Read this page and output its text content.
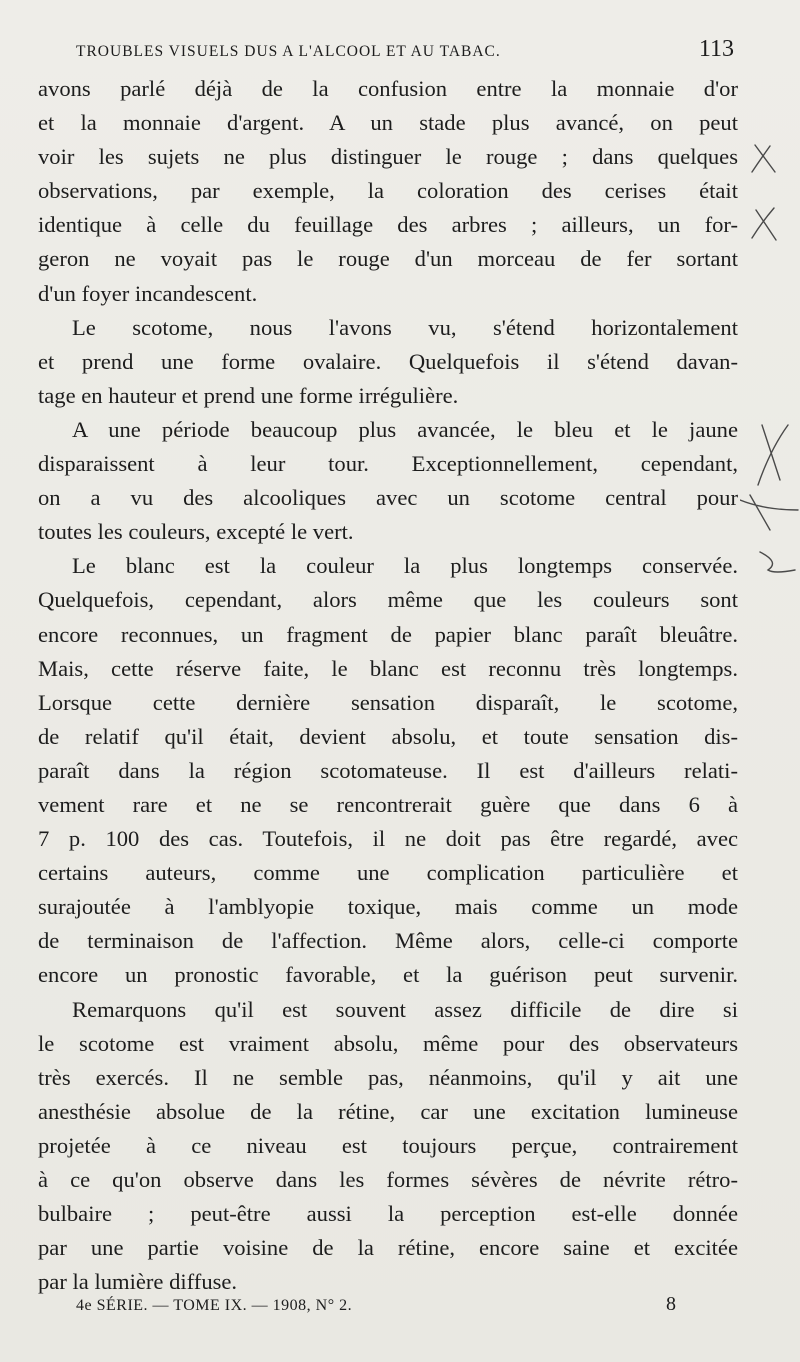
TROUBLES VISUELS DUS A L'ALCOOL ET AU TABAC.	113
avons parlé déjà de la confusion entre la monnaie d'or
et la monnaie d'argent. A un stade plus avancé, on peut
voir les sujets ne plus distinguer le rouge ; dans quelques
observations, par exemple, la coloration des cerises était
identique à celle du feuillage des arbres ; ailleurs, un for-
geron ne voyait pas le rouge d'un morceau de fer sortant
d'un foyer incandescent.
Le scotome, nous l'avons vu, s'étend horizontalement
et prend une forme ovalaire. Quelquefois il s'étend davan-
tage en hauteur et prend une forme irrégulière.
A une période beaucoup plus avancée, le bleu et le jaune
disparaissent à leur tour. Exceptionnellement, cependant,
on a vu des alcooliques avec un scotome central pour
toutes les couleurs, excepté le vert.
Le blanc est la couleur la plus longtemps conservée.
Quelquefois, cependant, alors même que les couleurs sont
encore reconnues, un fragment de papier blanc paraît bleuâtre.
Mais, cette réserve faite, le blanc est reconnu très longtemps.
Lorsque cette dernière sensation disparaît, le scotome,
de relatif qu'il était, devient absolu, et toute sensation dis-
paraît dans la région scotomateuse. Il est d'ailleurs relati-
vement rare et ne se rencontrerait guère que dans 6 à
7 p. 100 des cas. Toutefois, il ne doit pas être regardé, avec
certains auteurs, comme une complication particulière et
surajoutée à l'amblyopie toxique, mais comme un mode
de terminaison de l'affection. Même alors, celle-ci comporte
encore un pronostic favorable, et la guérison peut survenir.
Remarquons qu'il est souvent assez difficile de dire si
le scotome est vraiment absolu, même pour des observateurs
très exercés. Il ne semble pas, néanmoins, qu'il y ait une
anesthésie absolue de la rétine, car une excitation lumineuse
projetée à ce niveau est toujours perçue, contrairement
à ce qu'on observe dans les formes sévères de névrite rétro-
bulbaire ; peut-être aussi la perception est-elle donnée
par une partie voisine de la rétine, encore saine et excitée
par la lumière diffuse.
4e SÉRIE. — TOME IX. — 1908, N° 2.	8
